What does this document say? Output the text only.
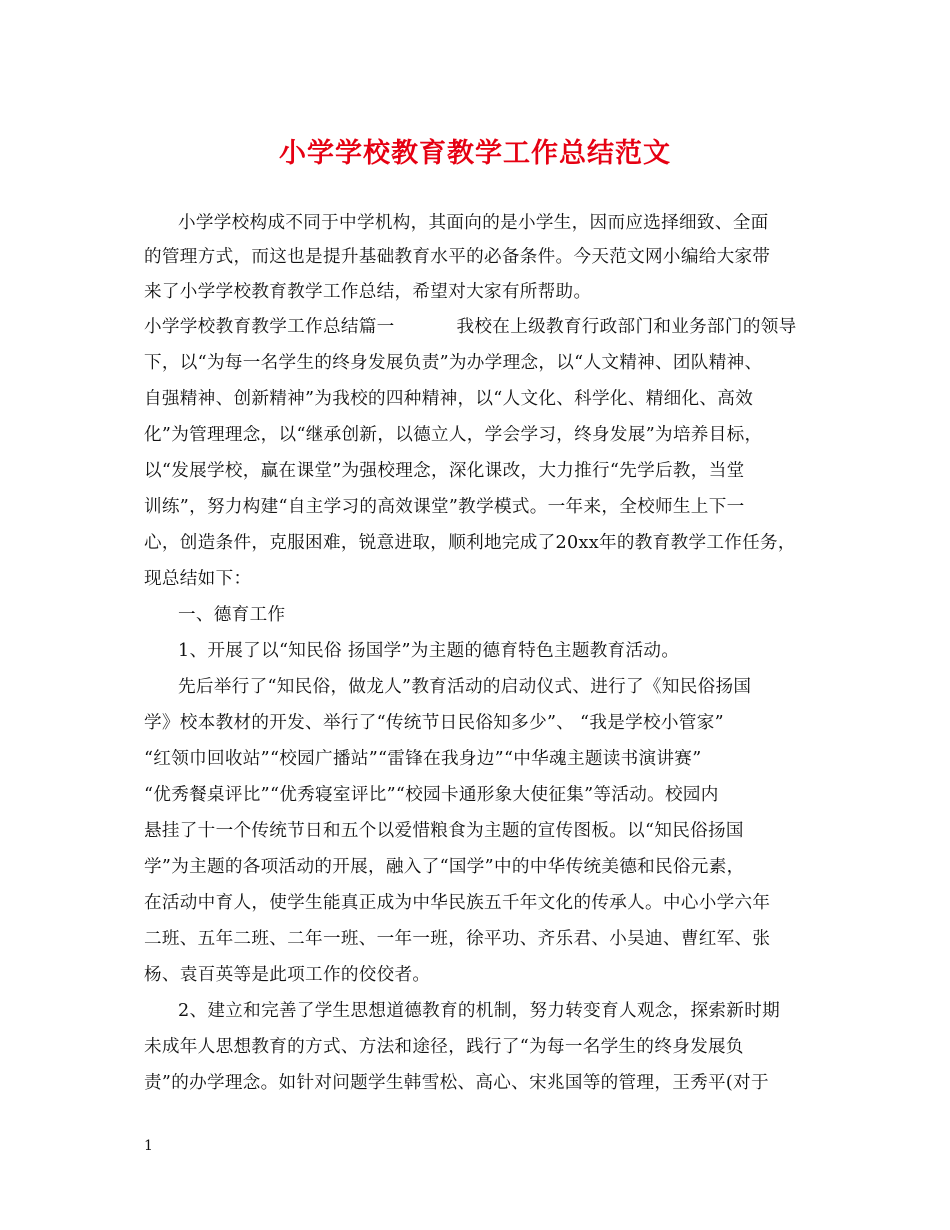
小学学校教育教学工作总结范文
小学学校构成不同于中学机构，其面向的是小学生，因而应选择细致、全面
的管理方式，而这也是提升基础教育水平的必备条件。今天范文网小编给大家带
来了小学学校教育教学工作总结，希望对大家有所帮助。
小学学校教育教学工作总结篇一	我校在上级教育行政部门和业务部门的领导
下，以“为每一名学生的终身发展负责”为办学理念，以“人文精神、团队精神、
自强精神、创新精神”为我校的四种精神，以“人文化、科学化、精细化、高效
化”为管理理念，以“继承创新，以德立人，学会学习，终身发展”为培养目标，
以“发展学校，赢在课堂”为强校理念，深化课改，大力推行“先学后教，当堂
训练”，努力构建“自主学习的高效课堂”教学模式。一年来，全校师生上下一
心，创造条件，克服困难，锐意进取，顺利地完成了20xx年的教育教学工作任务，
现总结如下：
一、德育工作
1、开展了以“知民俗 扬国学”为主题的德育特色主题教育活动。
先后举行了“知民俗，做龙人”教育活动的启动仪式、进行了《知民俗扬国
学》校本教材的开发、举行了“传统节日民俗知多少”、 “我是学校小管家”
“红领巾回收站”“校园广播站”“雷锋在我身边”“中华魂主题读书演讲赛”
“优秀餐桌评比”“优秀寝室评比”“校园卡通形象大使征集”等活动。校园内
悬挂了十一个传统节日和五个以爱惜粮食为主题的宣传图板。以“知民俗扬国
学”为主题的各项活动的开展，融入了“国学”中的中华传统美德和民俗元素，
在活动中育人，使学生能真正成为中华民族五千年文化的传承人。中心小学六年
二班、五年二班、二年一班、一年一班，徐平功、齐乐君、小吴迪、曹红军、张
杨、袁百英等是此项工作的佼佼者。
2、建立和完善了学生思想道德教育的机制，努力转变育人观念，探索新时期
未成年人思想教育的方式、方法和途径，践行了“为每一名学生的终身发展负
责”的办学理念。如针对问题学生韩雪松、高心、宋兆国等的管理，王秀平(对于
1
